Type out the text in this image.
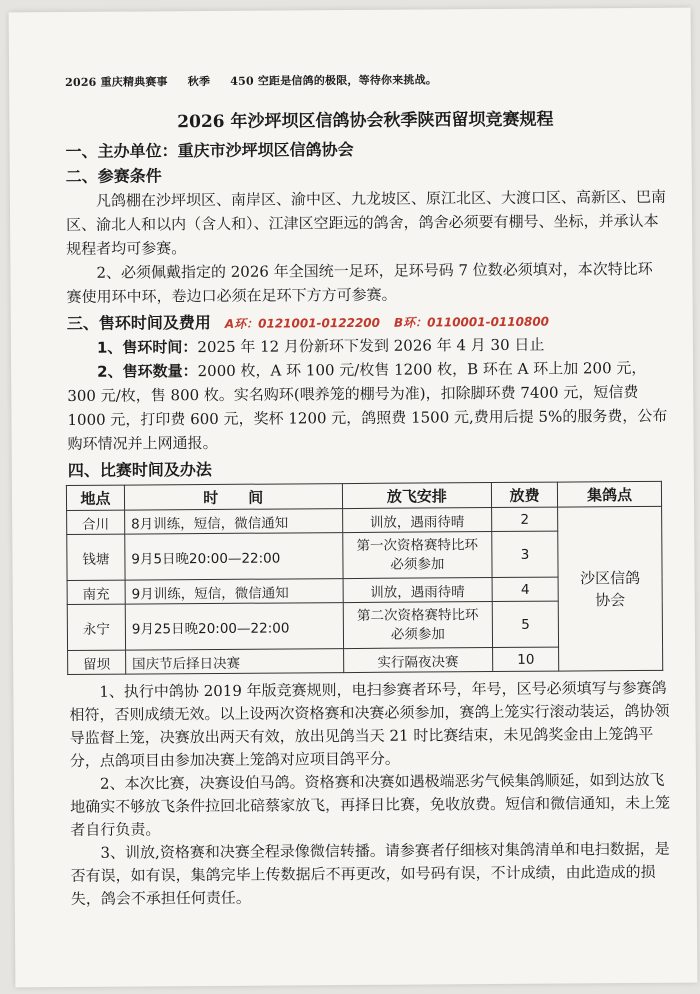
2026 重庆精典赛事 秋季 450 空距是信鸽的极限，等待你来挑战。
2026 年沙坪坝区信鸽协会秋季陕西留坝竞赛规程
一、主办单位：重庆市沙坪坝区信鸽协会
二、参赛条件

凡鸽棚在沙坪坝区、南岸区、渝中区、九龙坡区、原江北区、大渡口区、高新区、巴南区、渝北人和以内（含人和）、江津区空距远的鸽舍，鸽舍必须要有棚号、坐标，并承认本规程者均可参赛。

2、必须佩戴指定的 2026 年全国统一足环，足环号码 7 位数必须填对，本次特比环赛使用环中环，卷边口必须在足环下方方可参赛。

三、售环时间及费用 A环：0121001-0122200 B环：0110001-0110800

1、售环时间：2025 年 12 月份新环下发到 2026 年 4 月 30 日止

2、售环数量：2000 枚，A 环 100 元/枚售 1200 枚，B 环在 A 环上加 200 元，300 元/枚，售 800 枚。实名购环(喂养笼的棚号为准)，扣除脚环费 7400 元，短信费 1000 元，打印费 600 元，奖杯 1200 元，鸽照费 1500 元,费用后提 5%的服务费，公布购环情况并上网通报。

四、比赛时间及办法
地点	时　　间	放飞安排	放费	集鸽点
合川	8月训练，短信，微信通知	训放，遇雨待晴	2	沙区信鸽协会
钱塘	9月5日晚20:00—22:00	第一次资格赛特比环必须参加	3	
南充	9月训练，短信，微信通知	训放，遇雨待晴	4	
永宁	9月25日晚20:00—22:00	第二次资格赛特比环必须参加	5	
留坝	国庆节后择日决赛	实行隔夜决赛	10	

1、执行中鸽协 2019 年版竞赛规则，电扫参赛者环号，年号，区号必须填写与参赛鸽相符，否则成绩无效。以上设两次资格赛和决赛必须参加，赛鸽上笼实行滚动装运，鸽协领导监督上笼，决赛放出两天有效，放出见鸽当天 21 时比赛结束，未见鸽奖金由上笼鸽平分，点鸽项目由参加决赛上笼鸽对应项目鸽平分。

2、本次比赛，决赛设伯马鸽。资格赛和决赛如遇极端恶劣气候集鸽顺延，如到达放飞地确实不够放飞条件拉回北碚蔡家放飞，再择日比赛，免收放费。短信和微信通知，未上笼者自行负责。

3、训放,资格赛和决赛全程录像微信转播。请参赛者仔细核对集鸽清单和电扫数据，是否有误，如有误，集鸽完毕上传数据后不再更改，如号码有误，不计成绩，由此造成的损失，鸽会不承担任何责任。
